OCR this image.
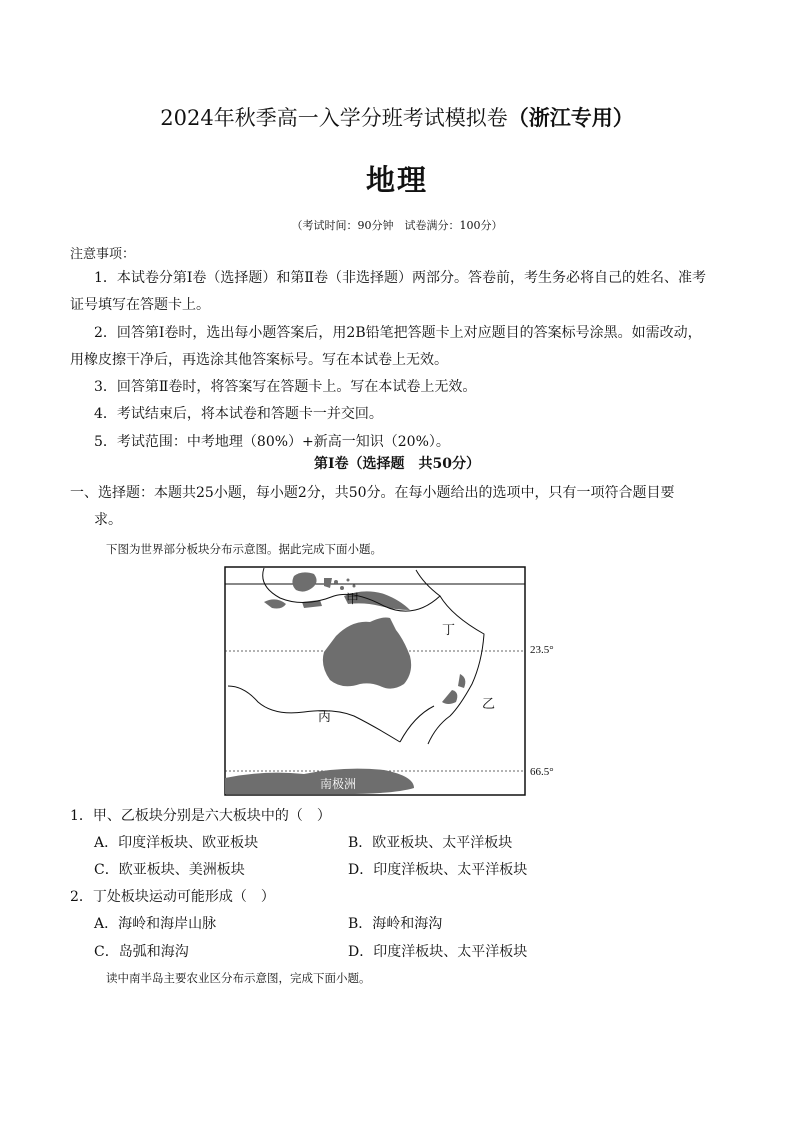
2024年秋季高一入学分班考试模拟卷（浙江专用）
地理
（考试时间：90分钟　试卷满分：100分）
注意事项：
1．本试卷分第Ⅰ卷（选择题）和第Ⅱ卷（非选择题）两部分。答卷前，考生务必将自己的姓名、准考
证号填写在答题卡上。
2．回答第Ⅰ卷时，选出每小题答案后，用2B铅笔把答题卡上对应题目的答案标号涂黑。如需改动，
用橡皮擦干净后，再选涂其他答案标号。写在本试卷上无效。
3．回答第Ⅱ卷时，将答案写在答题卡上。写在本试卷上无效。
4．考试结束后，将本试卷和答题卡一并交回。
5．考试范围：中考地理（80%）+新高一知识（20%）。
第Ⅰ卷（选择题　共50分）
一、选择题：本题共25小题，每小题2分，共50分。在每小题给出的选项中，只有一项符合题目要
求。
下图为世界部分板块分布示意图。据此完成下面小题。
甲
丁
乙
丙
南极洲
23.5°
66.5°
1．甲、乙板块分别是六大板块中的（　）
A．印度洋板块、欧亚板块	B．欧亚板块、太平洋板块
C．欧亚板块、美洲板块	D．印度洋板块、太平洋板块
2．丁处板块运动可能形成（　）
A．海岭和海岸山脉	B．海岭和海沟
C．岛弧和海沟	D．印度洋板块、太平洋板块
读中南半岛主要农业区分布示意图，完成下面小题。
